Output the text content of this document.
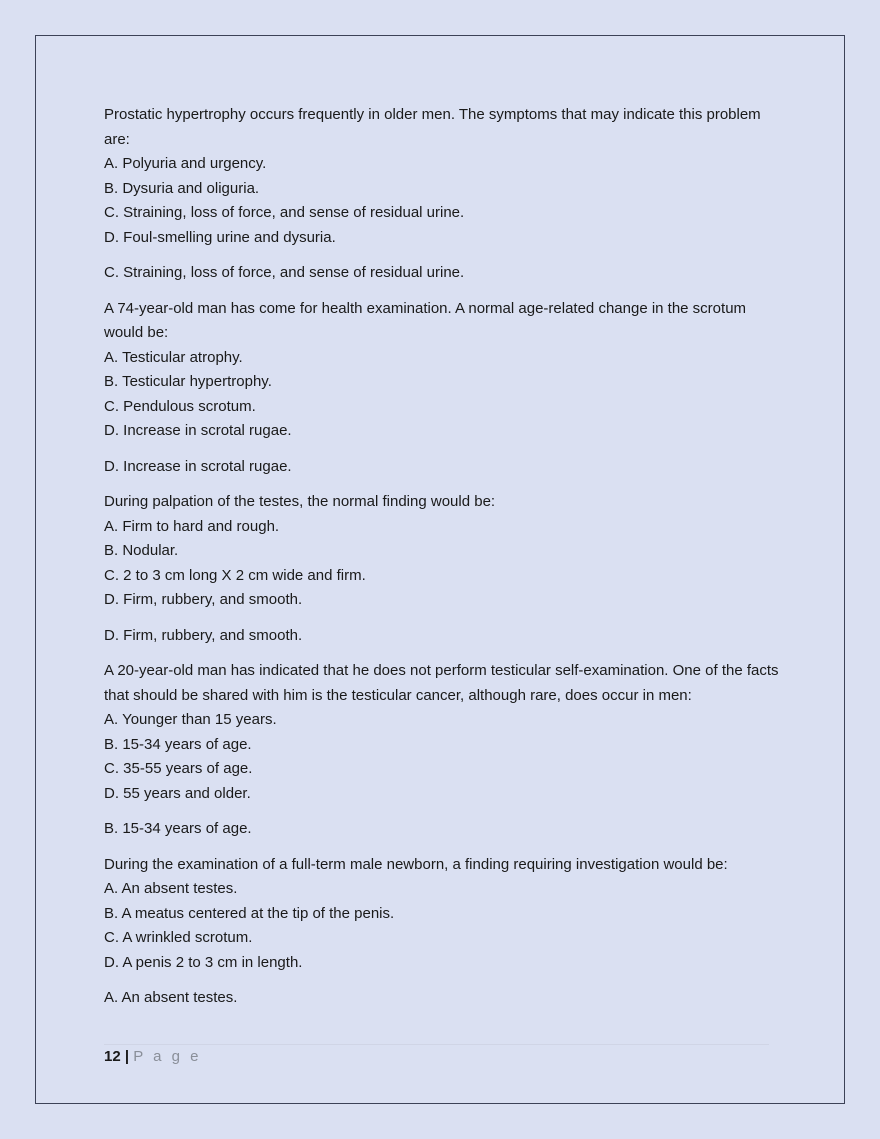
Prostatic hypertrophy occurs frequently in older men. The symptoms that may indicate this problem are:

A. Polyuria and urgency.

B. Dysuria and oliguria.

C. Straining, loss of force, and sense of residual urine.

D. Foul-smelling urine and dysuria.

C. Straining, loss of force, and sense of residual urine.

A 74-year-old man has come for health examination. A normal age-related change in the scrotum would be:

A. Testicular atrophy.

B. Testicular hypertrophy.

C. Pendulous scrotum.

D. Increase in scrotal rugae.

D. Increase in scrotal rugae.

During palpation of the testes, the normal finding would be:

A. Firm to hard and rough.

B. Nodular.

C. 2 to 3 cm long X 2 cm wide and firm.

D. Firm, rubbery, and smooth.

D. Firm, rubbery, and smooth.

A 20-year-old man has indicated that he does not perform testicular self-examination. One of the facts that should be shared with him is the testicular cancer, although rare, does occur in men:

A. Younger than 15 years.

B. 15-34 years of age.

C. 35-55 years of age.

D. 55 years and older.

B. 15-34 years of age.

During the examination of a full-term male newborn, a finding requiring investigation would be:

A. An absent testes.

B. A meatus centered at the tip of the penis.

C. A wrinkled scrotum.

D. A penis 2 to 3 cm in length.

A. An absent testes.

12 | P a g e
